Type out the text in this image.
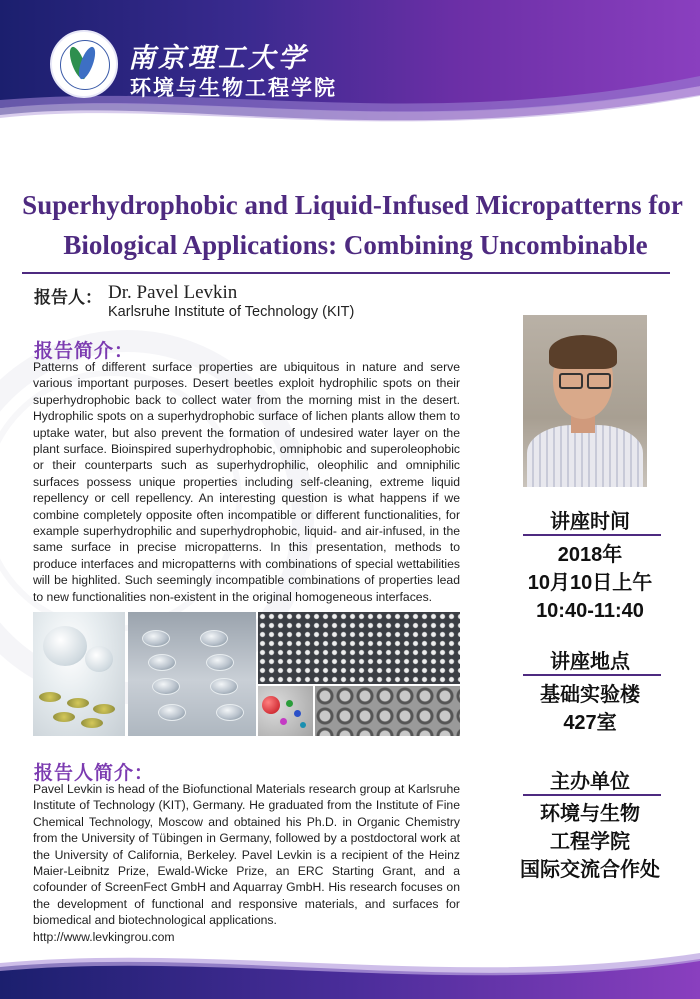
南京理工大学
环境与生物工程学院
Superhydrophobic and Liquid-Infused Micropatterns for
Biological Applications: Combining Uncombinable
报告人： Dr. Pavel Levkin
Karlsruhe Institute of Technology (KIT)
报告简介：
Patterns of different surface properties are ubiquitous in nature and serve various important purposes. Desert beetles exploit hydrophilic spots on their superhydrophobic back to collect water from the morning mist in the desert. Hydrophilic spots on a superhydrophobic surface of lichen plants allow them to uptake water, but also prevent the formation of undesired water layer on the plant surface. Bioinspired superhydrophobic, omniphobic and superoleophobic or their counterparts such as superhydrophilic, oleophilic and omniphilic surfaces possess unique properties including self-cleaning, extreme liquid repellency or cell repellency. An interesting question is what happens if we combine completely opposite often incompatible or different functionalities, for example superhydrophilic and superhydrophobic, liquid- and air-infused, in the same surface in precise micropatterns. In this presentation, methods to produce interfaces and micropatterns with combinations of special wettabilities will be highlited. Such seemingly incompatible combinations of properties lead to new functionalities non-existent in the original homogeneous interfaces.
报告人简介：
Pavel Levkin is head of the Biofunctional Materials research group at Karlsruhe Institute of Technology (KIT), Germany. He graduated from the Institute of Fine Chemical Technology, Moscow and obtained his Ph.D. in Organic Chemistry from the University of Tübingen in Germany, followed by a postdoctoral work at the University of California, Berkeley. Pavel Levkin is a recipient of the Heinz Maier-Leibnitz Prize, Ewald-Wicke Prize, an ERC Starting Grant, and a cofounder of ScreenFect GmbH and Aquarray GmbH. His research focuses on the development of functional and responsive materials, and surfaces for biomedical and biotechnological applications.
http://www.levkingrou.com
讲座时间
2018年
10月10日上午
10:40-11:40
讲座地点
基础实验楼
427室
主办单位
环境与生物
工程学院
国际交流合作处
